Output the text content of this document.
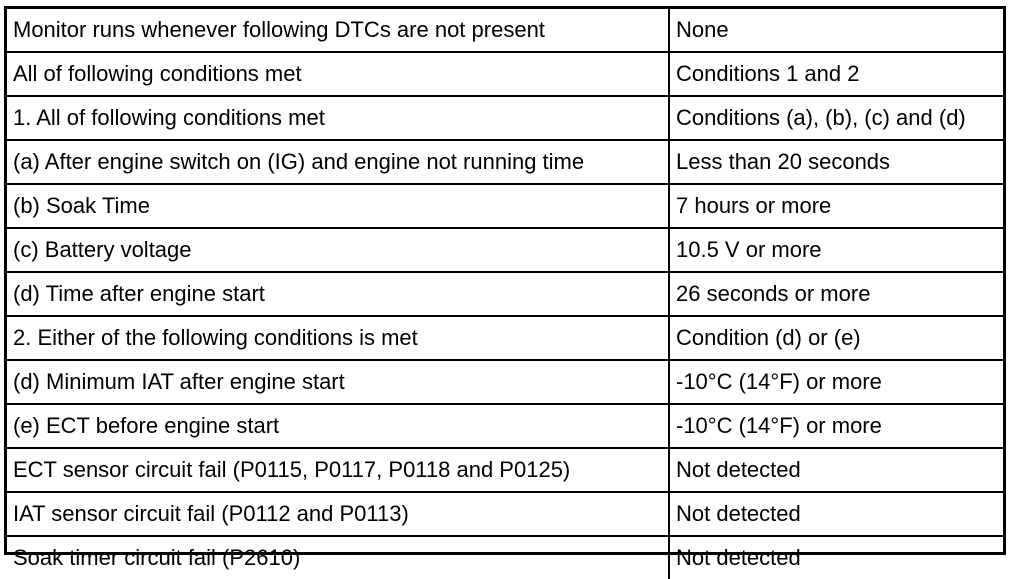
Monitor runs whenever following DTCs are not present	None
All of following conditions met	Conditions 1 and 2
1. All of following conditions met	Conditions (a), (b), (c) and (d)
(a) After engine switch on (IG) and engine not running time	Less than 20 seconds
(b) Soak Time	7 hours or more
(c) Battery voltage	10.5 V or more
(d) Time after engine start	26 seconds or more
2. Either of the following conditions is met	Condition (d) or (e)
(d) Minimum IAT after engine start	-10°C (14°F) or more
(e) ECT before engine start	-10°C (14°F) or more
ECT sensor circuit fail (P0115, P0117, P0118 and P0125)	Not detected
IAT sensor circuit fail (P0112 and P0113)	Not detected
Soak timer circuit fail (P2610)	Not detected
